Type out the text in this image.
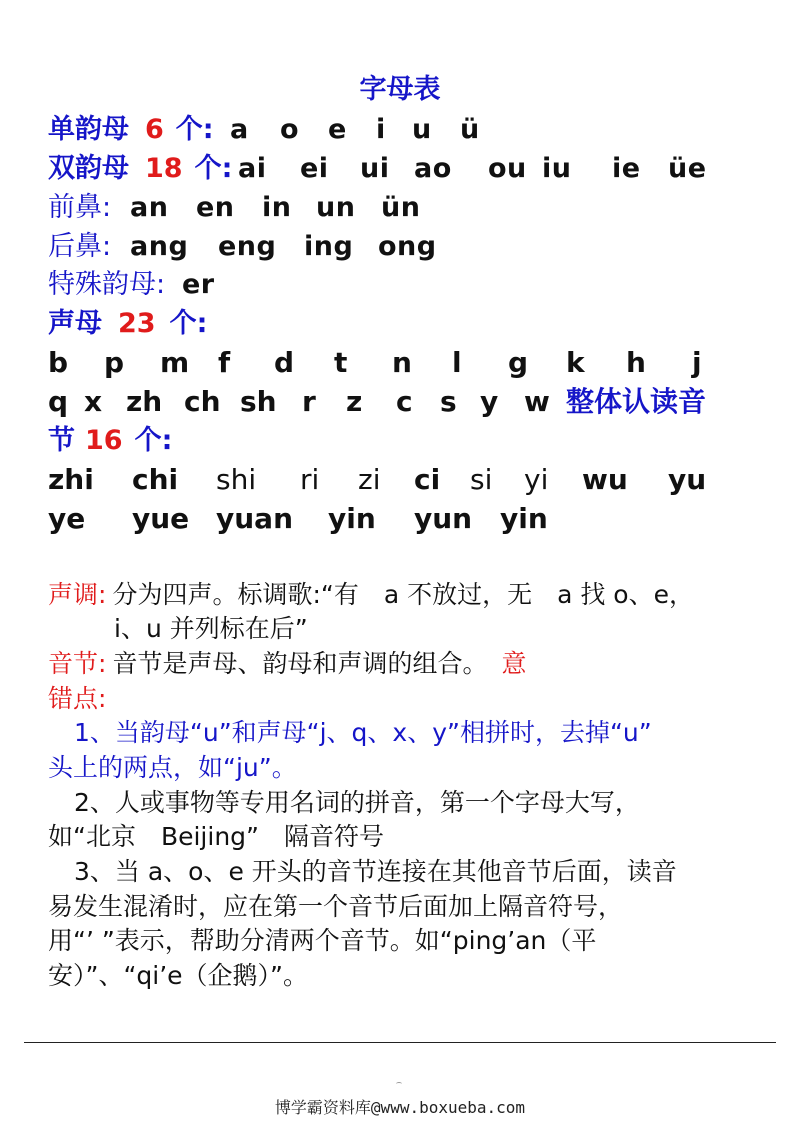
字母表
单韵母 6 个: a o e i u ü
双韵母 18 个: ai ei ui ao ou iu ie üe
前鼻: an en in un ün
后鼻: ang eng ing ong
特殊韵母: er
声母 23 个:
b p m f d t n l g k h j
q x zh ch sh r z c s y w 整体认读音
节 16 个:
zhi chi shi ri zi ci si yi wu yu
ye yue yuan yin yun yin
声调: 分为四声。标调歌:“有　a 不放过，无　a 找 o、e，
i、u 并列标在后”
音节: 音节是声母、韵母和声调的组合。 意
错点:
1、当韵母“u”和声母“j、q、x、y”相拼时，去掉“u”
头上的两点，如“ju”。
2、人或事物等专用名词的拼音，第一个字母大写，
如“北京　Beijing”　隔音符号
3、当 a、o、e 开头的音节连接在其他音节后面，读音
易发生混淆时，应在第一个音节后面加上隔音符号，
用“’ ”表示，帮助分清两个音节。如“ping’an（平
安）”、“qi’e（企鹅）”。
博学霸资料库@www.boxueba.com
